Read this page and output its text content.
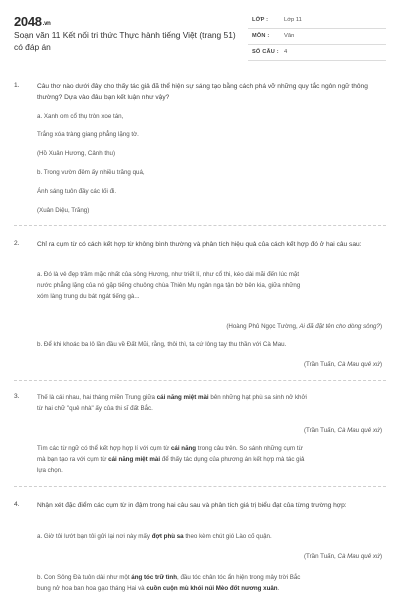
2048.vn
Soạn văn 11 Kết nối tri thức Thực hành tiếng Việt (trang 51) có đáp án
LỚP :	Lớp 11
MÔN :	Văn
SỐ CÂU : 4
1.	Câu thơ nào dưới đây cho thấy tác giả đã thể hiện sự sáng tạo bằng cách phá vỡ những quy tắc ngôn ngữ thông thường? Dựa vào đâu bạn kết luận như vậy?
a. Xanh om cổ thụ tròn xoe tán,
Trắng xóa tràng giang phẳng lặng tờ.
(Hồ Xuân Hương, Cảnh thu)
b. Trong vườn đêm ấy nhiều trăng quá,
Ánh sáng tuôn đầy các lối đi.
(Xuân Diệu, Trăng)
2.	Chỉ ra cụm từ có cách kết hợp từ không bình thường và phân tích hiệu quả của cách kết hợp đó ở hai câu sau:
a. Đó là vẻ đẹp trầm mặc nhất của sông Hương, như triết lí, như cổ thi, kéo dài mãi đến lúc mặt
nước phẳng lặng của nó gặp tiếng chuông chùa Thiên Mụ ngân nga tận bờ bên kia, giữa những
xóm làng trung du bát ngát tiếng gà...
(Hoàng Phủ Ngọc Tường, Ai đã đặt tên cho dòng sông?)
b. Để khi khoác ba lô lần đầu về Đất Mũi, rằng, thôi thì, ta cứ lông tay thu thần với Cà Mau.
(Trần Tuấn, Cà Mau quê xứ)
3.	Thế là cái nhau, hai tháng miền Trung giữa cái năng miệt mài bên những hạt phù sa sinh nở khởi
từ hai chữ "quê nhà" ấy của thi sĩ đất Bắc.
(Trần Tuấn, Cà Mau quê xứ)
Tìm các từ ngữ có thể kết hợp hợp lí với cụm từ cái năng trong câu trên. So sánh những cụm từ
mà bạn tạo ra với cụm từ cái năng miệt mài để thấy tác dụng của phương án kết hợp mà tác giả
lựa chọn.
4.	Nhận xét đặc điểm các cụm từ in đậm trong hai câu sau và phân tích giá trị biểu đạt của từng trường hợp:
a. Giờ tôi lướt bạn tôi gửi lại nơi này mấy đợt phù sa theo kèm chút gió Lào cố quận.
(Trần Tuấn, Cà Mau quê xứ)
b. Con Sông Đà tuôn dài như một áng tóc trữ tình, đầu tóc chân tóc ẩn hiện trong mây trời Bắc
bung nở hoa ban hoa gạo tháng Hai và cuồn cuộn mù khói núi Mèo đốt nương xuân.
